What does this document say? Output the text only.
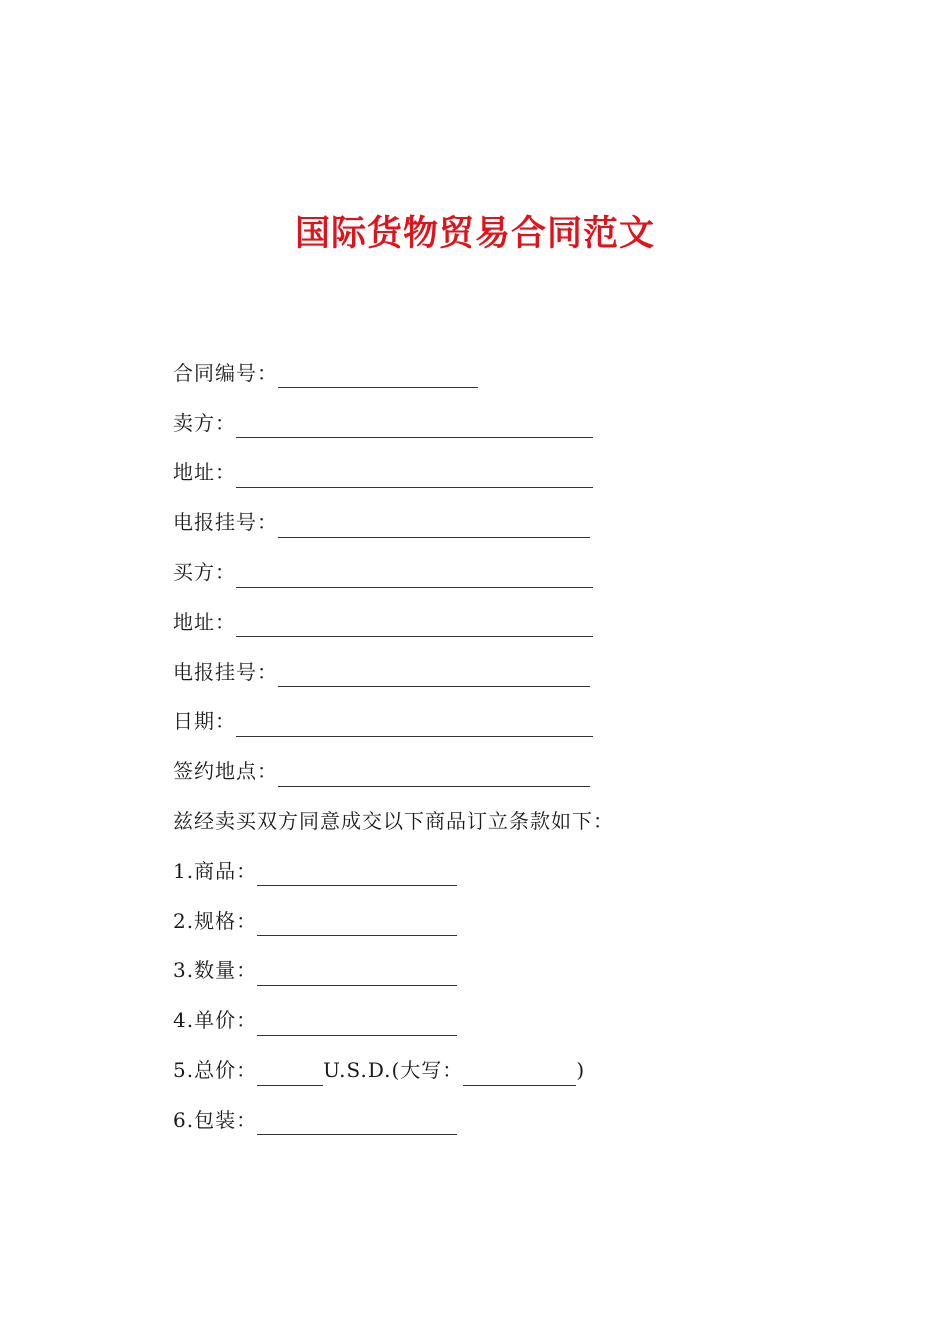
国际货物贸易合同范文
合同编号：
卖方：
地址：
电报挂号：
买方：
地址：
电报挂号：
日期：
签约地点：
兹经卖买双方同意成交以下商品订立条款如下：
1.商品：
2.规格：
3.数量：
4.单价：
5.总价：	U.S.D.(大写：	)
6.包装：
